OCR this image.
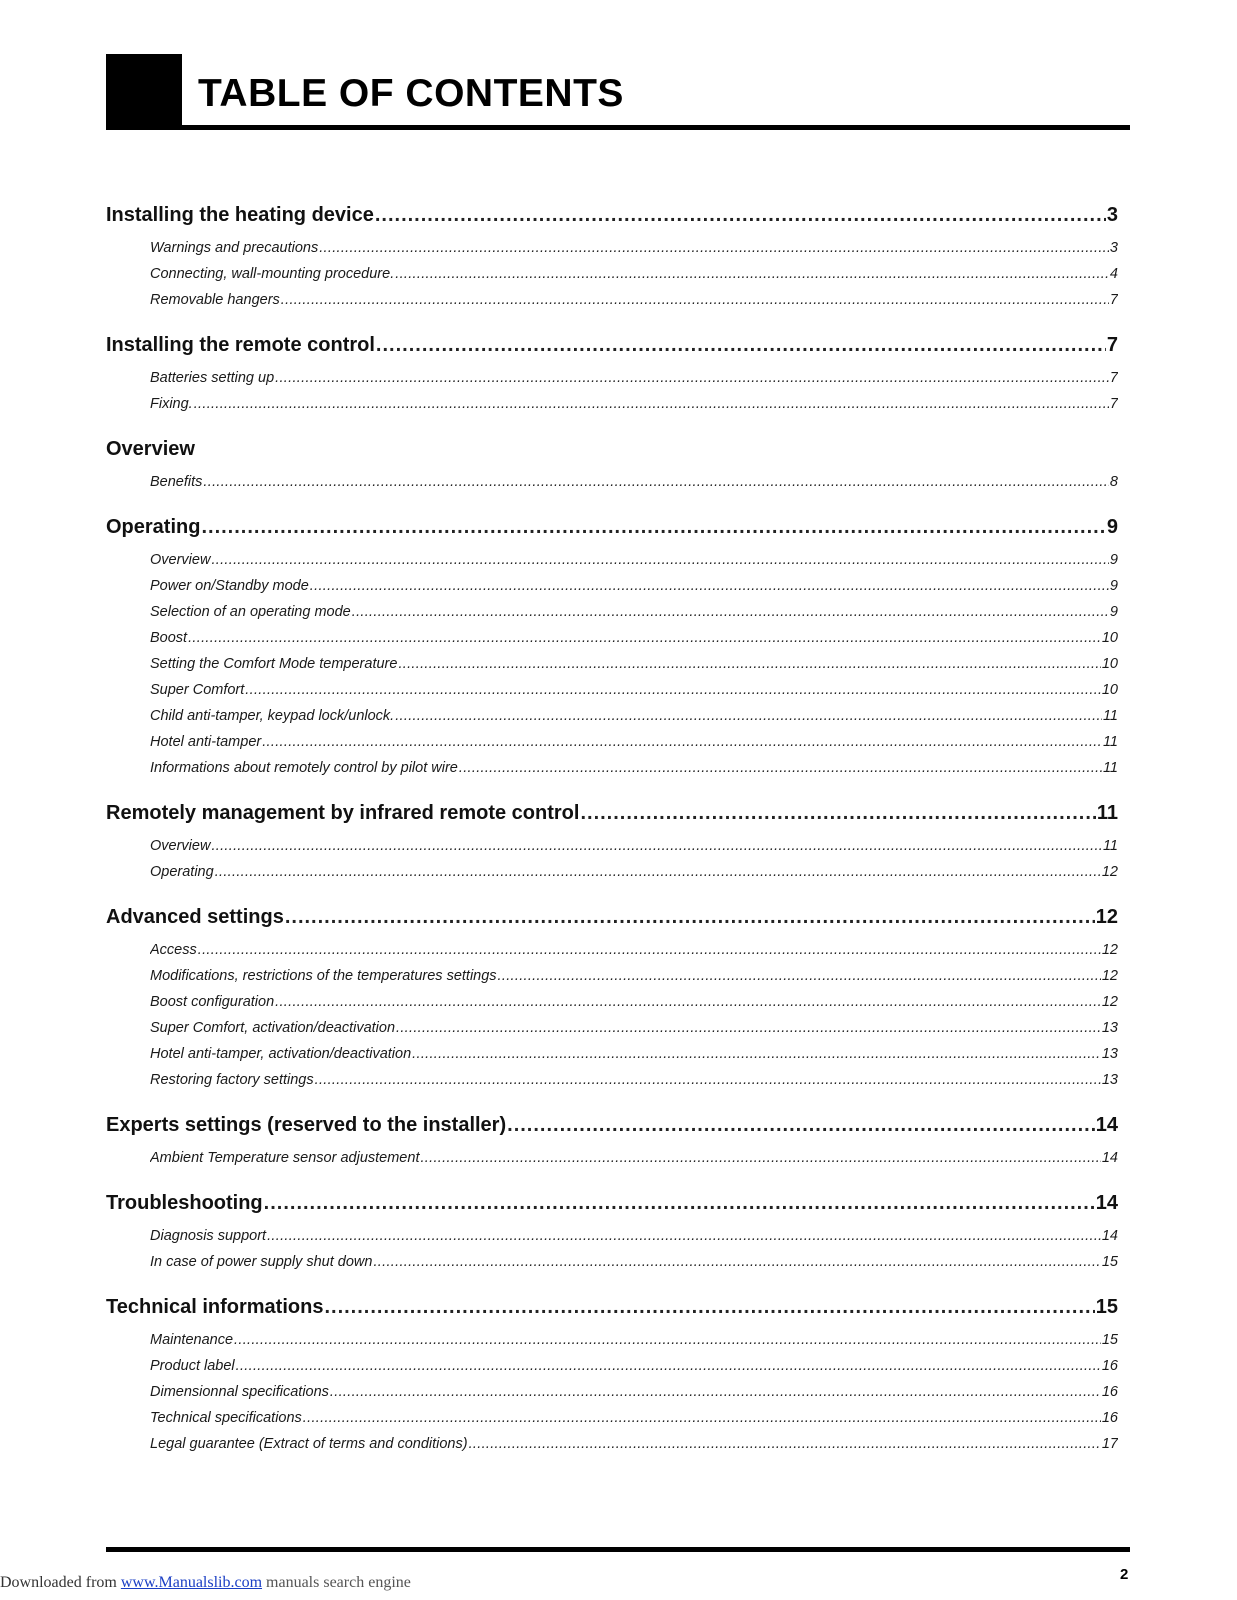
TABLE OF CONTENTS
Installing the heating device .....	3
Warnings and precautions .....	3
Connecting, wall-mounting procedure. .....	4
Removable hangers .....	7
Installing the remote control .....	7
Batteries setting up .....	7
Fixing. .....	7
Overview
Benefits .....	8
Operating .....	9
Overview .....	9
Power on/Standby mode .....	9
Selection of an operating mode .....	9
Boost .....	10
Setting the Comfort Mode temperature .....	10
Super Comfort .....	10
Child anti-tamper, keypad lock/unlock. .....	11
Hotel anti-tamper .....	11
Informations about remotely control by pilot wire .....	11
Remotely management by infrared remote control .....	11
Overview .....	11
Operating .....	12
Advanced settings .....	12
Access .....	12
Modifications, restrictions of the temperatures settings .....	12
Boost configuration .....	12
Super Comfort, activation/deactivation .....	13
Hotel anti-tamper, activation/deactivation .....	13
Restoring factory settings .....	13
Experts settings (reserved to the installer) .....	14
Ambient Temperature sensor adjustement .....	14
Troubleshooting .....	14
Diagnosis support .....	14
In case of power supply shut down .....	15
Technical informations .....	15
Maintenance .....	15
Product label .....	16
Dimensionnal specifications .....	16
Technical specifications .....	16
Legal guarantee (Extract of terms and conditions) .....	17
Downloaded from www.Manualslib.com manuals search engine	2
